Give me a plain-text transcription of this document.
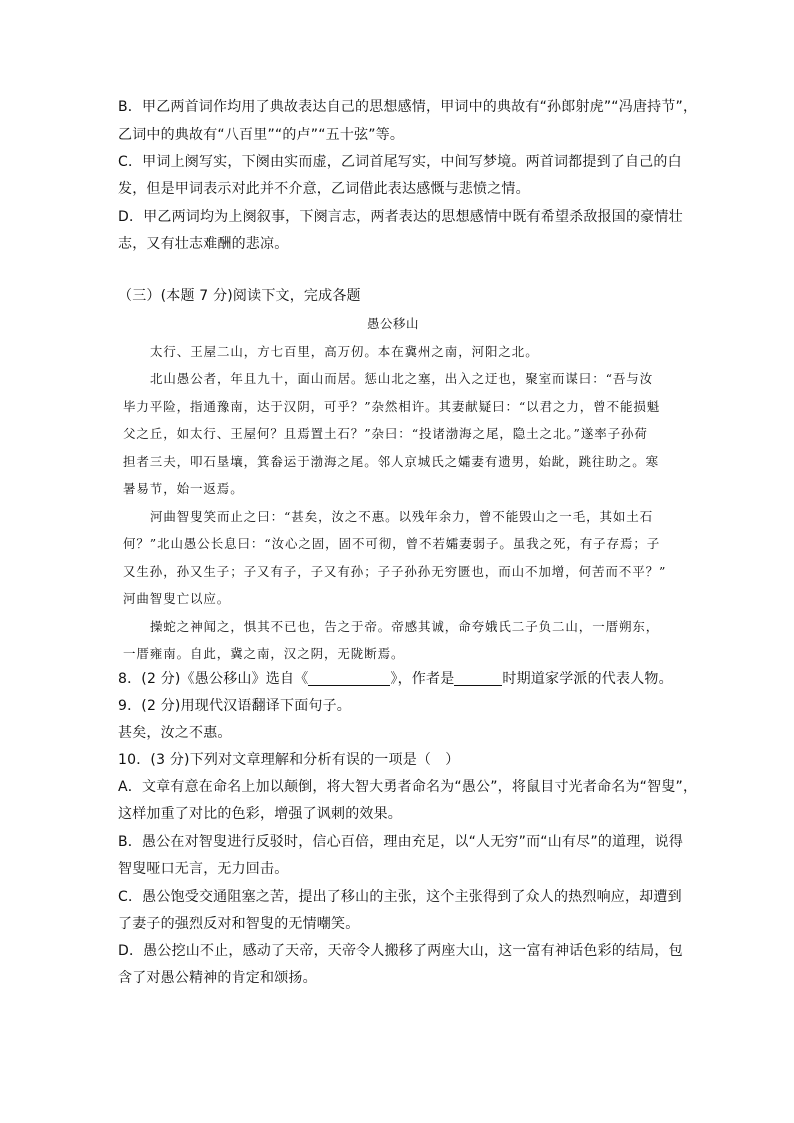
B．甲乙两首词作均用了典故表达自己的思想感情，甲词中的典故有“孙郎射虎”“冯唐持节”，
乙词中的典故有“八百里”“的卢”“五十弦”等。
C．甲词上阕写实，下阕由实而虚，乙词首尾写实，中间写梦境。两首词都提到了自己的白
发，但是甲词表示对此并不介意，乙词借此表达感慨与悲愤之情。
D．甲乙两词均为上阕叙事，下阕言志，两者表达的思想感情中既有希望杀敌报国的豪情壮
志，又有壮志难酬的悲凉。
（三）(本题 7 分)阅读下文，完成各题
愚公移山
太行、王屋二山，方七百里，高万仞。本在冀州之南，河阳之北。
北山愚公者，年且九十，面山而居。惩山北之塞，出入之迂也，聚室而谋曰：“吾与汝
毕力平险，指通豫南，达于汉阴，可乎？”杂然相许。其妻献疑曰：“以君之力，曾不能损魁
父之丘，如太行、王屋何？且焉置土石？”杂曰：“投诸渤海之尾，隐土之北。”遂率子孙荷
担者三夫，叩石垦壤，箕畚运于渤海之尾。邻人京城氏之孀妻有遗男，始龀，跳往助之。寒
暑易节，始一返焉。
河曲智叟笑而止之曰：“甚矣，汝之不惠。以残年余力，曾不能毁山之一毛，其如土石
何？”北山愚公长息曰：“汝心之固，固不可彻，曾不若孀妻弱子。虽我之死，有子存焉；子
又生孙，孙又生子；子又有子，子又有孙；子子孙孙无穷匮也，而山不加增，何苦而不平？”
河曲智叟亡以应。
操蛇之神闻之，惧其不已也，告之于帝。帝感其诚，命夸娥氏二子负二山，一厝朔东，
一厝雍南。自此，冀之南，汉之阴，无陇断焉。
8．(2 分)《愚公移山》选自《	》，作者是	时期道家学派的代表人物。
9．(2 分)用现代汉语翻译下面句子。
甚矣，汝之不惠。
10．(3 分)下列对文章理解和分析有误的一项是（　）
A．文章有意在命名上加以颠倒，将大智大勇者命名为“愚公”，将鼠目寸光者命名为“智叟”，
这样加重了对比的色彩，增强了讽刺的效果。
B．愚公在对智叟进行反驳时，信心百倍，理由充足，以“人无穷”而“山有尽”的道理，说得
智叟哑口无言，无力回击。
C．愚公饱受交通阻塞之苦，提出了移山的主张，这个主张得到了众人的热烈响应，却遭到
了妻子的强烈反对和智叟的无情嘲笑。
D．愚公挖山不止，感动了天帝，天帝令人搬移了两座大山，这一富有神话色彩的结局，包
含了对愚公精神的肯定和颂扬。
